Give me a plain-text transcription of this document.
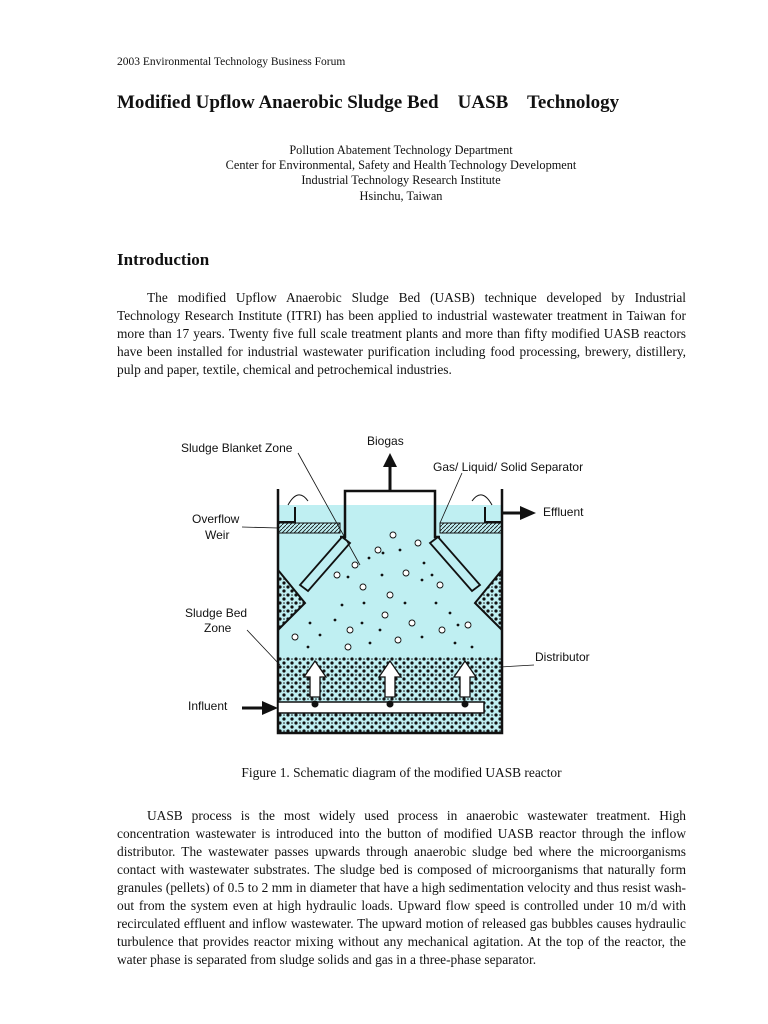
2003 Environmental Technology Business Forum
Modified Upflow Anaerobic Sludge Bed    UASB    Technology
Pollution Abatement Technology Department
Center for Environmental, Safety and Health Technology Development
Industrial Technology Research Institute
Hsinchu, Taiwan
Introduction

The modified Upflow Anaerobic Sludge Bed (UASB) technique developed by Industrial Technology Research Institute (ITRI) has been applied to industrial wastewater treatment in Taiwan for more than 17 years. Twenty five full scale treatment plants and more than fifty modified UASB reactors have been installed for industrial wastewater purification including food processing, brewery, distillery, pulp and paper, textile, chemical and petrochemical industries.

Sludge Blanket Zone	Biogas
Gas/ Liquid/ Solid Separator
Overflow
Weir
Effluent
Sludge Bed
Zone
Distributor
Influent
Figure 1. Schematic diagram of the modified UASB reactor

UASB process is the most widely used process in anaerobic wastewater treatment. High concentration wastewater is introduced into the button of modified UASB reactor through the inflow distributor. The wastewater passes upwards through anaerobic sludge bed where the microorganisms contact with wastewater substrates. The sludge bed is composed of microorganisms that naturally form granules (pellets) of 0.5 to 2 mm in diameter that have a high sedimentation velocity and thus resist wash-out from the system even at high hydraulic loads. Upward flow speed is controlled under 10 m/d with recirculated effluent and inflow wastewater. The upward motion of released gas bubbles causes hydraulic turbulence that provides reactor mixing without any mechanical agitation. At the top of the reactor, the water phase is separated from sludge solids and gas in a three-phase separator.
